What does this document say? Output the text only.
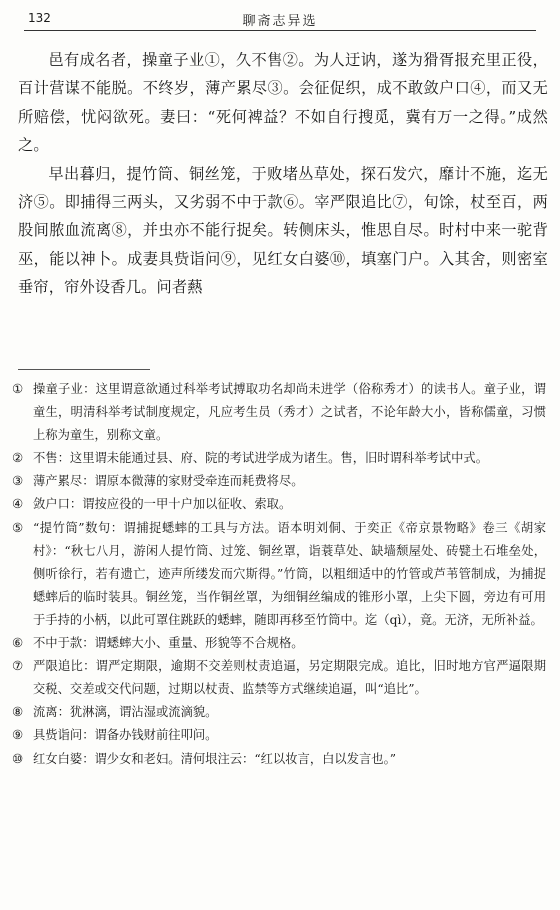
132	聊斋志异选

邑有成名者，操童子业①，久不售②。为人迂讷，遂为猾胥报充里正役，百计营谋不能脱。不终岁，薄产累尽③。会征促织，成不敢敛户口④，而又无所赔偿，忧闷欲死。妻曰：“死何裨益？不如自行搜觅，冀有万一之得。”成然之。

早出暮归，提竹筒、铜丝笼，于败堵丛草处，探石发穴，靡计不施，迄无济⑤。即捕得三两头，又劣弱不中于款⑥。宰严限追比⑦，旬馀，杖至百，两股间脓血流离⑧，并虫亦不能行捉矣。转侧床头，惟思自尽。时村中来一驼背巫，能以神卜。成妻具赀诣问⑨，见红女白婆⑩，填塞门户。入其舍，则密室垂帘，帘外设香几。问者爇

① 操童子业：这里谓意欲通过科举考试搏取功名却尚未进学（俗称秀才）的读书人。童子业，谓童生，明清科举考试制度规定，凡应考生员（秀才）之试者，不论年龄大小，皆称儒童，习惯上称为童生，别称文童。

② 不售：这里谓未能通过县、府、院的考试进学成为诸生。售，旧时谓科举考试中式。

③ 薄产累尽：谓原本微薄的家财受牵连而耗费将尽。

④ 敛户口：谓按应役的一甲十户加以征收、索取。

⑤ “提竹筒”数句：谓捕捉蟋蟀的工具与方法。语本明刘侗、于奕正《帝京景物略》卷三《胡家村》：“秋七八月，游闲人提竹筒、过笼、铜丝罩，诣蓑草处、缺墙颓屋处、砖甓土石堆垒处，侧听徐行，若有遗亡，迹声所缕发而穴斯得。”竹筒，以粗细适中的竹管或芦苇管制成，为捕捉蟋蟀后的临时装具。铜丝笼，当作铜丝罩，为细铜丝编成的锥形小罩，上尖下圆，旁边有可用于手持的小柄，以此可罩住跳跃的蟋蟀，随即再移至竹筒中。迄（qì），竟。无济，无所补益。

⑥ 不中于款：谓蟋蟀大小、重量、形貌等不合规格。

⑦ 严限追比：谓严定期限，逾期不交差则杖责追逼，另定期限完成。追比，旧时地方官严逼限期交税、交差或交代问题，过期以杖责、监禁等方式继续追逼，叫“追比”。

⑧ 流离：犹淋漓，谓沾湿或流滴貌。

⑨ 具赀诣问：谓备办钱财前往叩问。

⑩ 红女白婆：谓少女和老妇。清何垠注云：“红以妆言，白以发言也。”
